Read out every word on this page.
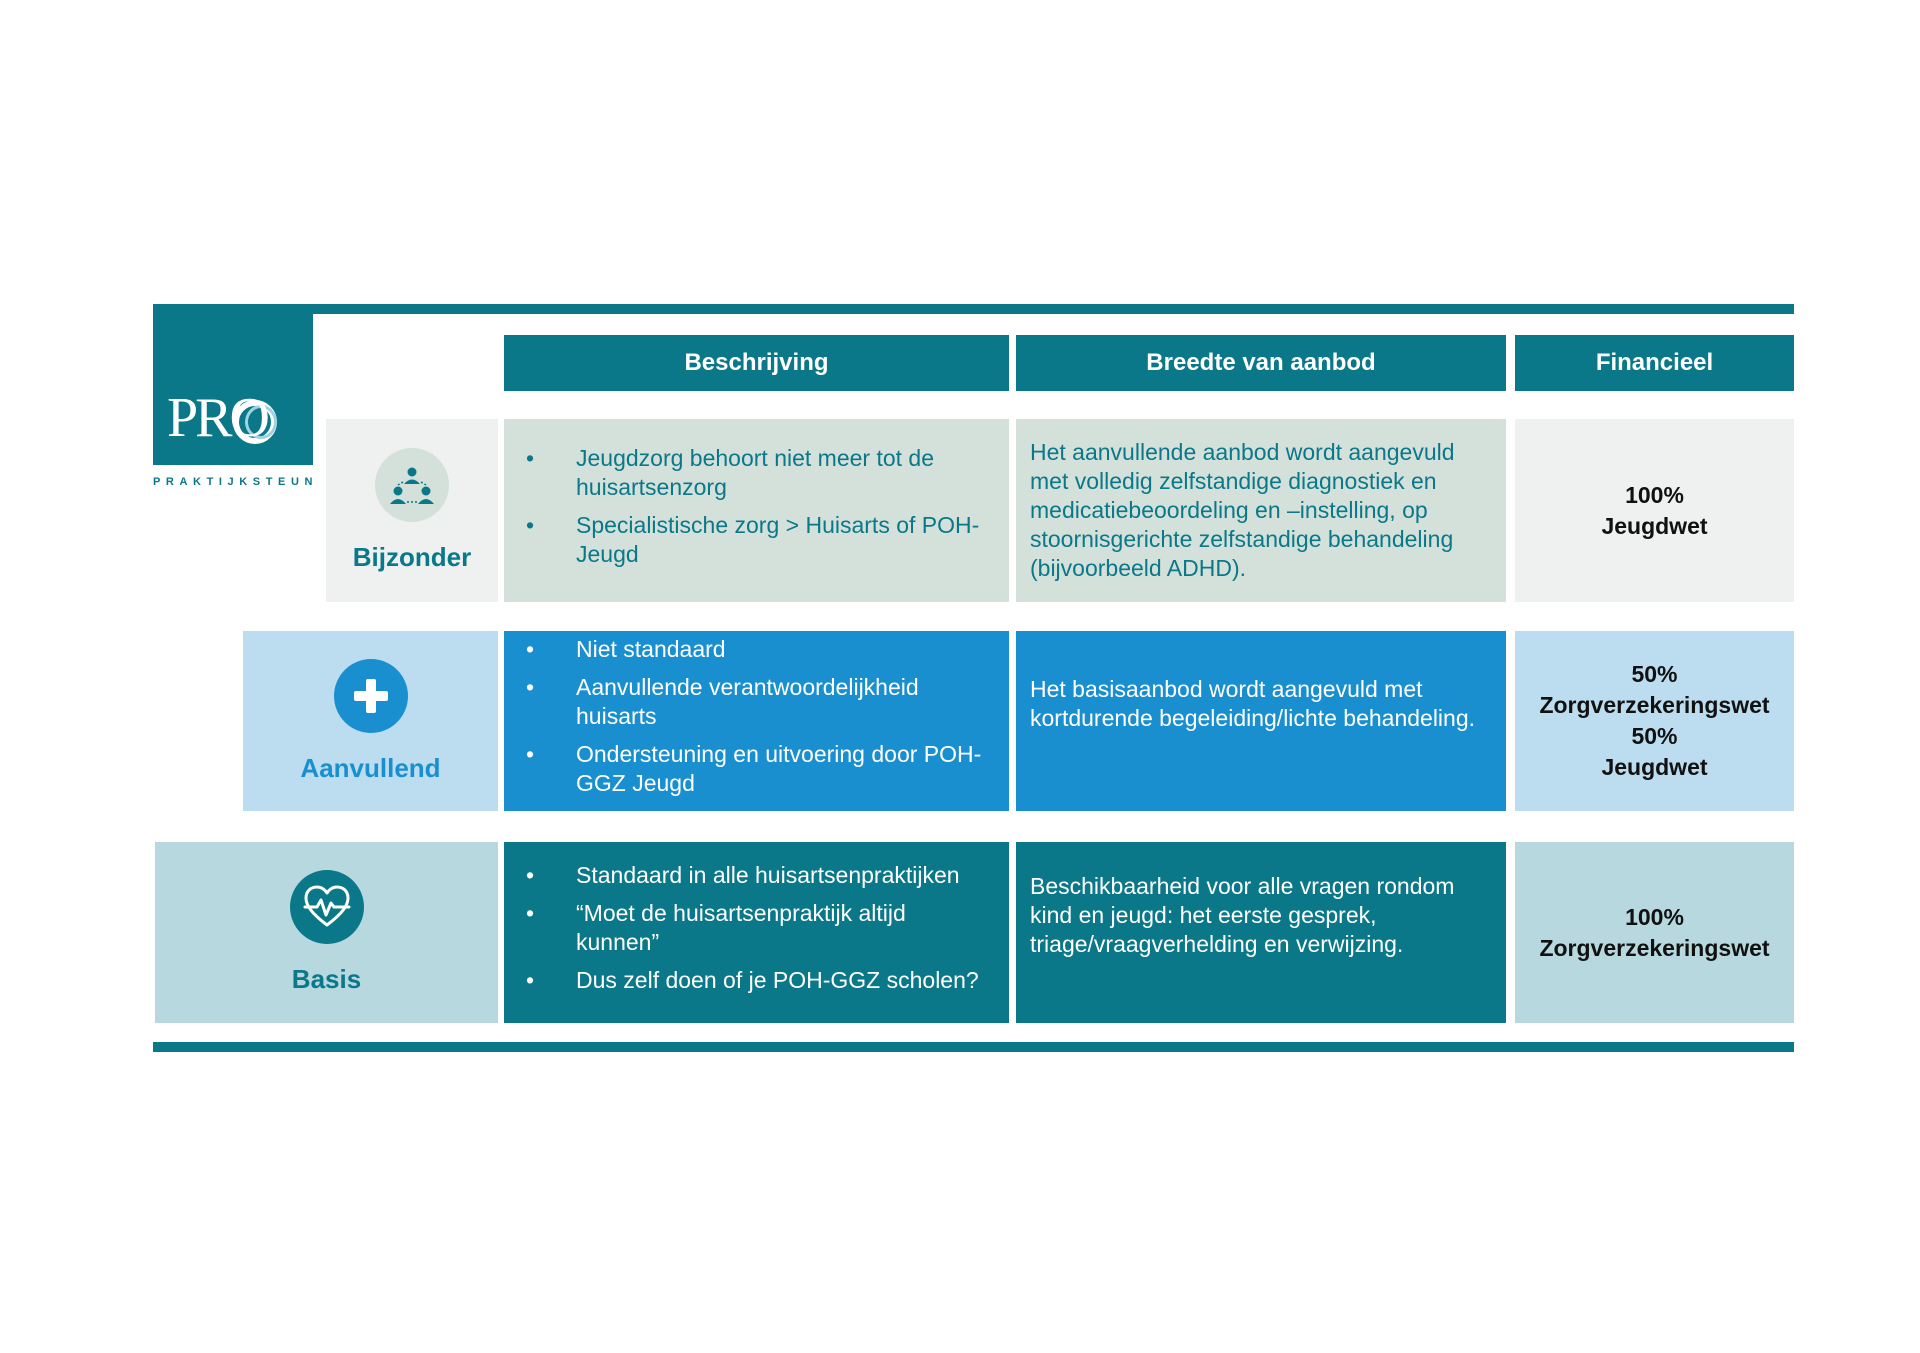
PRO
PRAKTIJKSTEUN
Beschrijving	Breedte van aanbod	Financieel
Bijzonder
• Jeugdzorg behoort niet meer tot de huisartsenzorg
• Specialistische zorg > Huisarts of POH-Jeugd
Het aanvullende aanbod wordt aangevuld met volledig zelfstandige diagnostiek en medicatiebeoordeling en –instelling, op stoornisgerichte zelfstandige behandeling (bijvoorbeeld ADHD).
100%
Jeugdwet
Aanvullend
• Niet standaard
• Aanvullende verantwoordelijkheid huisarts
• Ondersteuning en uitvoering door POH-GGZ Jeugd
Het basisaanbod wordt aangevuld met kortdurende begeleiding/lichte behandeling.
50%
Zorgverzekeringswet
50%
Jeugdwet
Basis
• Standaard in alle huisartsenpraktijken
• “Moet de huisartsenpraktijk altijd kunnen”
• Dus zelf doen of je POH-GGZ scholen?
Beschikbaarheid voor alle vragen rondom kind en jeugd: het eerste gesprek, triage/vraagverhelding en verwijzing.
100%
Zorgverzekeringswet
